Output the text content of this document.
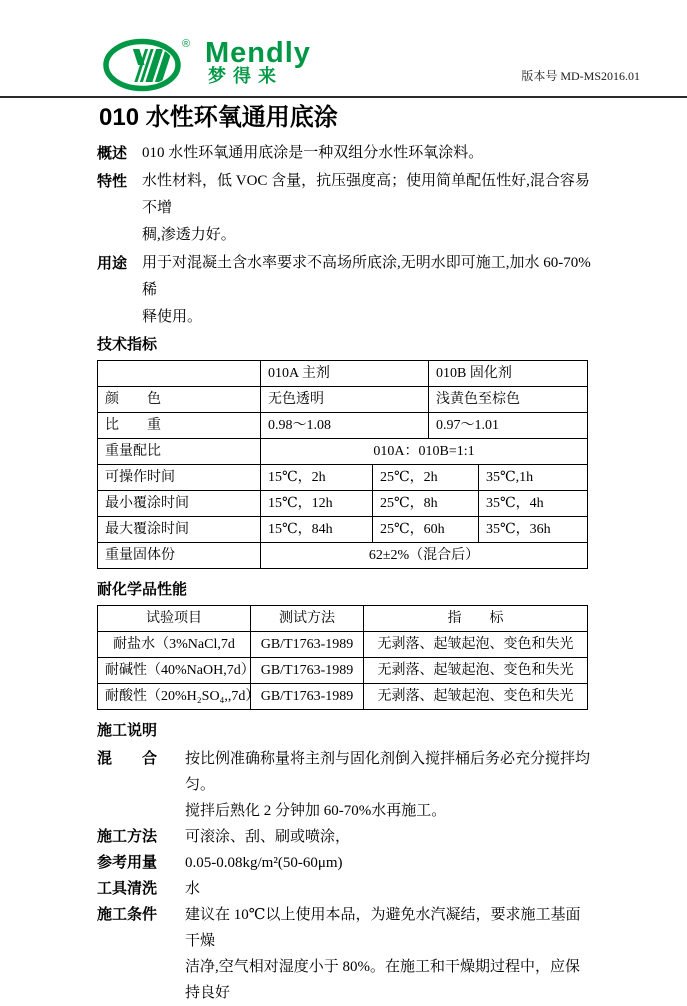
® Mendly
梦得来	版本号 MD-MS2016.01
010 水性环氧通用底涂
概述 010 水性环氧通用底涂是一种双组分水性环氧涂料。
特性 水性材料，低 VOC 含量，抗压强度高；使用简单配伍性好,混合容易不增
稠,渗透力好。
用途 用于对混凝土含水率要求不高场所底涂,无明水即可施工,加水 60-70%稀
释使用。
技术指标
	010A 主剂		010B 固化剂	
颜　　色	无色透明		浅黄色至棕色	
比　　重	0.98～1.08		0.97～1.01	
重量配比	010A：010B=1:1			
可操作时间	15℃，2h	25℃，2h		35℃,1h
最小覆涂时间	15℃，12h	25℃，8h		35℃，4h
最大覆涂时间	15℃，84h	25℃，60h		35℃，36h
重量固体份	62±2%（混合后）			
耐化学品性能
试验项目	测试方法	指　　标
耐盐水（3%NaCl,7d	GB/T1763-1989	无剥落、起皱起泡、变色和失光
耐碱性（40%NaOH,7d）	GB/T1763-1989	无剥落、起皱起泡、变色和失光
耐酸性（20%H₂SO₄,,7d）	GB/T1763-1989	无剥落、起皱起泡、变色和失光
施工说明
混　　合	按比例准确称量将主剂与固化剂倒入搅拌桶后务必充分搅拌均匀。
搅拌后熟化 2 分钟加 60-70%水再施工。
施工方法	可滚涂、刮、刷或喷涂，
参考用量	0.05-0.08kg/m²(50-60μm)
工具清洗	水
施工条件	建议在 10℃以上使用本品，为避免水汽凝结，要求施工基面干燥
洁净,空气相对湿度小于 80%。在施工和干燥期过程中，应保持良好
